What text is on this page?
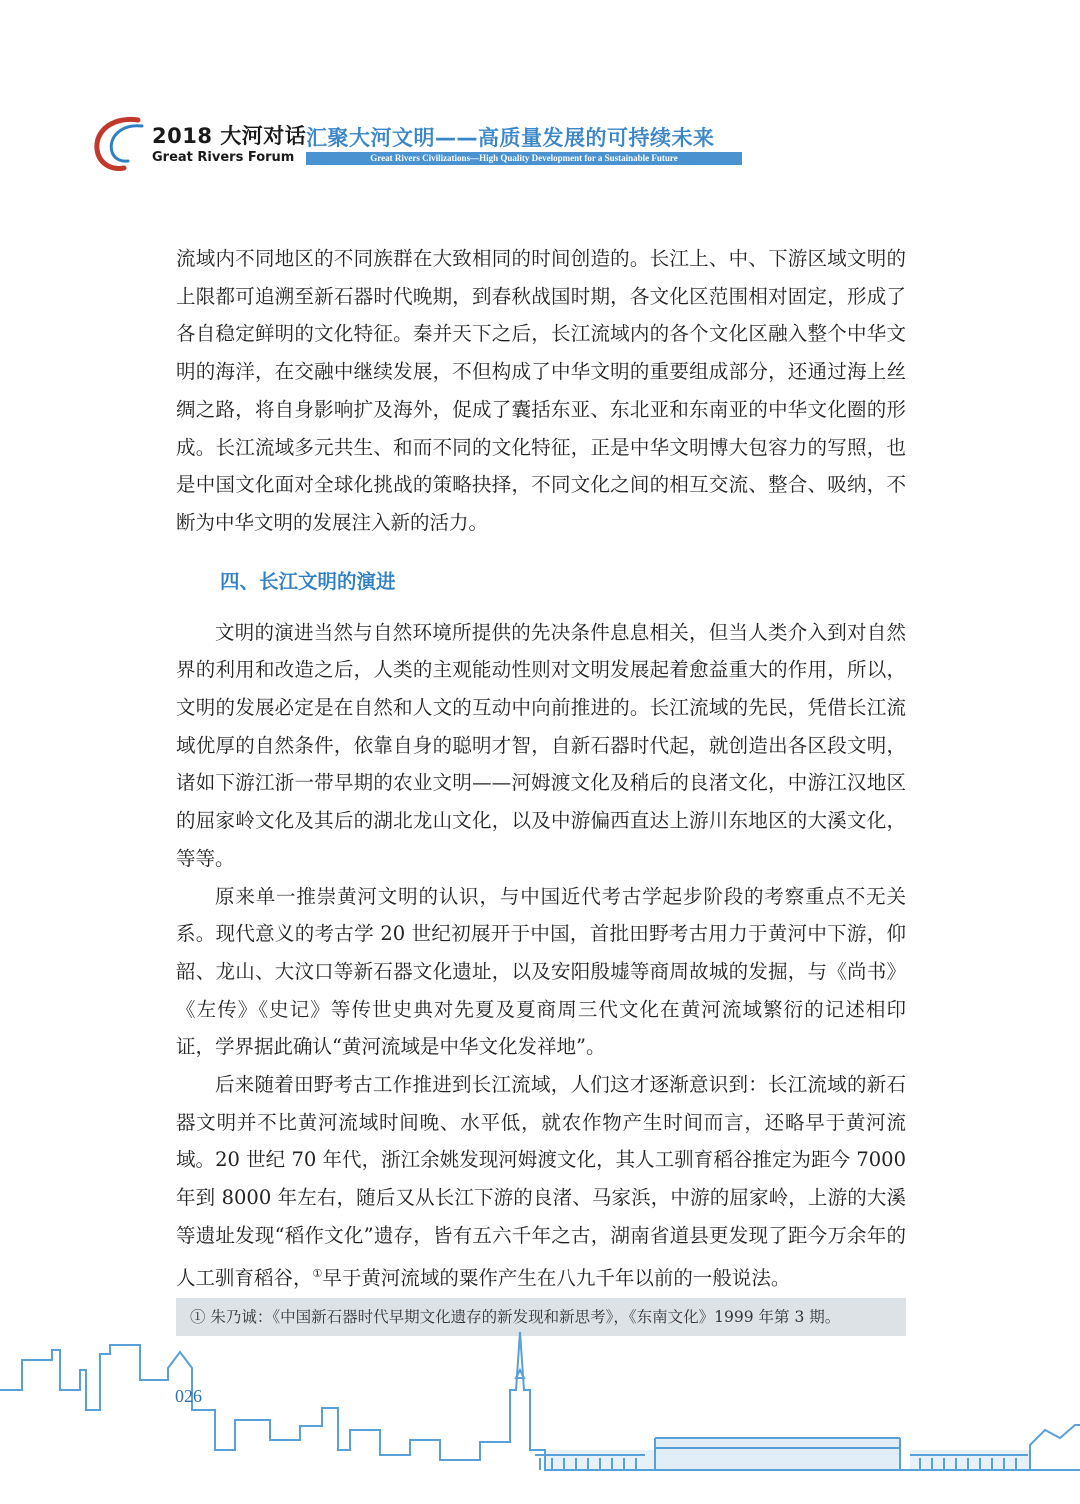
2018 大河对话
Great Rivers Forum
汇聚大河文明——高质量发展的可持续未来
Great Rivers Civilizations—High Quality Development for a Sustainable Future

流域内不同地区的不同族群在大致相同的时间创造的。长江上、中、下游区域文明的上限都可追溯至新石器时代晚期，到春秋战国时期，各文化区范围相对固定，形成了各自稳定鲜明的文化特征。秦并天下之后，长江流域内的各个文化区融入整个中华文明的海洋，在交融中继续发展，不但构成了中华文明的重要组成部分，还通过海上丝绸之路，将自身影响扩及海外，促成了囊括东亚、东北亚和东南亚的中华文化圈的形成。长江流域多元共生、和而不同的文化特征，正是中华文明博大包容力的写照，也是中国文化面对全球化挑战的策略抉择，不同文化之间的相互交流、整合、吸纳，不断为中华文明的发展注入新的活力。

四、长江文明的演进

文明的演进当然与自然环境所提供的先决条件息息相关，但当人类介入到对自然界的利用和改造之后，人类的主观能动性则对文明发展起着愈益重大的作用，所以，文明的发展必定是在自然和人文的互动中向前推进的。长江流域的先民，凭借长江流域优厚的自然条件，依靠自身的聪明才智，自新石器时代起，就创造出各区段文明，诸如下游江浙一带早期的农业文明——河姆渡文化及稍后的良渚文化，中游江汉地区的屈家岭文化及其后的湖北龙山文化，以及中游偏西直达上游川东地区的大溪文化，等等。

原来单一推崇黄河文明的认识，与中国近代考古学起步阶段的考察重点不无关系。现代意义的考古学 20 世纪初展开于中国，首批田野考古用力于黄河中下游，仰韶、龙山、大汶口等新石器文化遗址，以及安阳殷墟等商周故城的发掘，与《尚书》《左传》《史记》等传世史典对先夏及夏商周三代文化在黄河流域繁衍的记述相印证，学界据此确认“黄河流域是中华文化发祥地”。

后来随着田野考古工作推进到长江流域，人们这才逐渐意识到：长江流域的新石器文明并不比黄河流域时间晚、水平低，就农作物产生时间而言，还略早于黄河流域。20 世纪 70 年代，浙江余姚发现河姆渡文化，其人工驯育稻谷推定为距今 7000 年到 8000 年左右，随后又从长江下游的良渚、马家浜，中游的屈家岭，上游的大溪等遗址发现“稻作文化”遗存，皆有五六千年之古，湖南省道县更发现了距今万余年的人工驯育稻谷，①早于黄河流域的粟作产生在八九千年以前的一般说法。

① 朱乃诚：《中国新石器时代早期文化遗存的新发现和新思考》，《东南文化》1999 年第 3 期。
026
